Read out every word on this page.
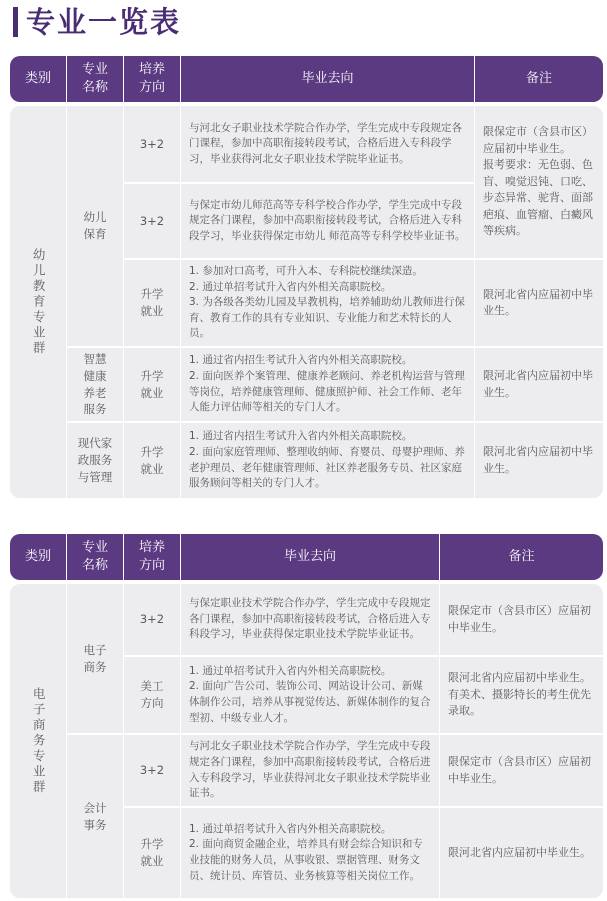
专业一览表
类别
专业名称
培养方向
毕业去向	备注
幼儿教育专业群
幼儿保育
智慧健康养老服务
现代家政服务与管理
3+2
3+2
升学就业
升学就业
升学就业
与河北女子职业技术学院合作办学，学生完成中专段规定各门课程，参加中高职衔接转段考试，合格后进入专科段学习，毕业获得河北女子职业技术学院毕业证书。
与保定市幼儿师范高等专科学校合作办学，学生完成中专段规定各门课程，参加中高职衔接转段考试，合格后进入专科段学习，毕业获得保定市幼儿 师范高等专科学校毕业证书。
1. 参加对口高考，可升入本、专科院校继续深造。
2. 通过单招考试升入省内外相关高职院校。
3. 为各级各类幼儿园及早教机构，培养辅助幼儿教师进行保育、教育工作的具有专业知识、专业能力和艺术特长的人员。
1. 通过省内招生考试升入省内外相关高职院校。
2. 面向医养个案管理、健康养老顾问、养老机构运营与管理等岗位，培养健康管理师、健康照护师、社会工作师、老年人能力评估师等相关的专门人才。
1. 通过省内招生考试升入省内外相关高职院校。
2. 面向家庭管理师、整理收纳师、育婴员、母婴护理师、养老护理员、老年健康管理师、社区养老服务专员、社区家庭服务顾问等相关的专门人才。
限保定市（含县市区）应届初中毕业生。
报考要求：无色弱、色盲、嗅觉迟钝、口吃、步态异常、驼背、面部疤痕、血管瘤、白癜风等疾病。
限河北省内应届初中毕业生。
限河北省内应届初中毕业生。
限河北省内应届初中毕业生。
类别
专业名称
培养方向
毕业去向	备注
电子商务专业群
电子商务
会计事务
3+2
美工方向
3+2
升学就业
与保定职业技术学院合作办学，学生完成中专段规定各门课程，参加中高职衔接转段考试，合格后进入专科段学习，毕业获得保定职业技术学院毕业证书。
1. 通过单招考试升入省内外相关高职院校。
2. 面向广告公司、装饰公司、网站设计公司、新媒体制作公司，培养从事视觉传达、新媒体制作的复合型初、中级专业人才。
与河北女子职业技术学院合作办学，学生完成中专段规定各门课程，参加中高职衔接转段考试，合格后进入专科段学习，毕业获得河北女子职业技术学院毕业证书。
1. 通过单招考试升入省内外相关高职院校。
2. 面向商贸金融企业，培养具有财会综合知识和专业技能的财务人员，从事收银、票据管理、财务文员、统计员、库管员、业务核算等相关岗位工作。
限保定市（含县市区）应届初中毕业生。
限河北省内应届初中毕业生。
有美术、摄影特长的考生优先录取。
限保定市（含县市区）应届初中毕业生。
限河北省内应届初中毕业生。
